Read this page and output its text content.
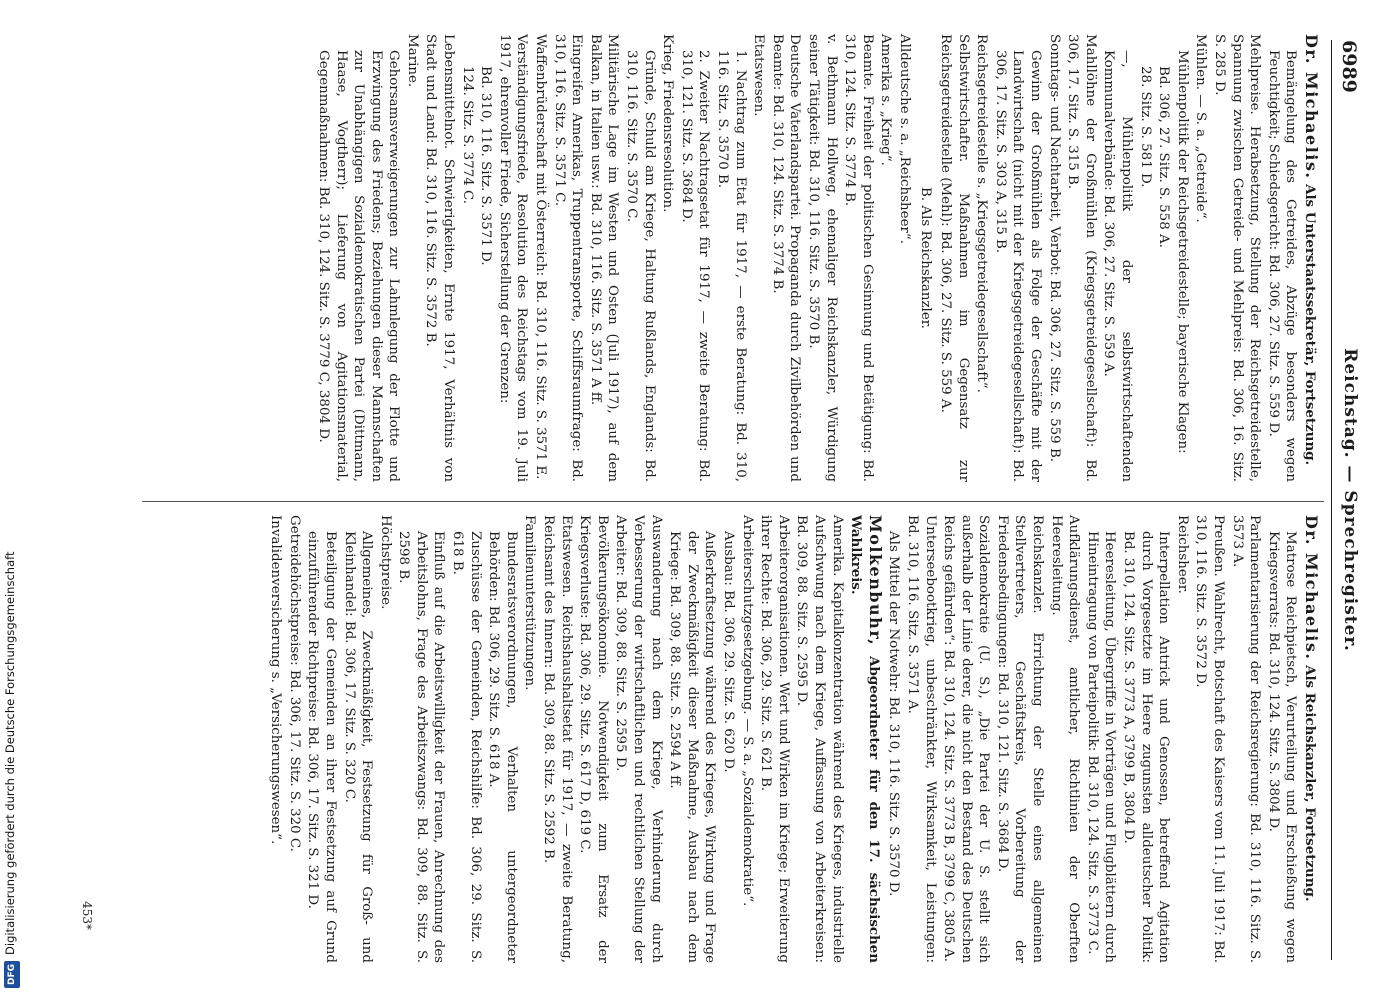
DFGDigitalisierung gefördert durch die Deutsche Forschungsgemeinschaft
6989
Reichstag. — Sprechregister.

Dr. Michaelis. Als Unterstaatssekretär, Fortsetzung.

Bemängelung des Getreides, Abzüge besonders wegen Feuchtigkeit; Schiedsgericht: Bd. 306, 27. Sitz. S. 559 D.

Mehlpreise. Herabsetzung, Stellung der Reichsgetreidestelle, Spannung zwischen Getreide- und Mehlpreis: Bd. 306, 16. Sitz. S. 285 D.

Mühlen. — S. a. „Getreide“.

Mühlenpolitik der Reichsgetreidestelle; bayerische Klagen:

Bd. 306, 27. Sitz. S. 558 A.

28. Sitz. S. 581 D.

—, Mühlenpolitik der selbstwirtschaftenden Kommunalverbände: Bd. 306, 27. Sitz. S. 559 A.

Mahllöhne der Großmühlen (Kriegsgetreidegesellschaft): Bd. 306, 17. Sitz. S. 315 B.

Sonntags- und Nachtarbeit, Verbot: Bd. 306, 27. Sitz. S. 559 B.

Gewinn der Großmühlen als Folge der Geschäfte mit der Landwirtschaft (nicht mit der Kriegsgetreidegesellschaft): Bd. 306, 17. Sitz. S. 303 A, 315 B.

Reichsgetreidestelle s. „Kriegsgetreidegesellschaft“.

Selbstwirtschafter. Maßnahmen im Gegensatz zur Reichsgetreidestelle (Mehl): Bd. 306, 27. Sitz. S. 559 A.

B. Als Reichskanzler.

Alldeutsche s. a. „Reichsheer“.

Amerika s. „Krieg“.

Beamte. Freiheit der politischen Gesinnung und Betätigung: Bd. 310, 124. Sitz. S. 3774 B.

v. Bethmann Hollweg, ehemaliger Reichskanzler, Würdigung seiner Tätigkeit: Bd. 310, 116. Sitz. S. 3570 B.

Deutsche Vaterlandspartei. Propaganda durch Zivilbehörden und Beamte: Bd. 310, 124. Sitz. S. 3774 B.

Etatswesen.

1. Nachtrag zum Etat für 1917, — erste Beratung: Bd. 310, 116. Sitz. S. 3570 B.

2. Zweiter Nachtragsetat für 1917, — zweite Beratung: Bd. 310, 121. Sitz. S. 3684 D.

Krieg, Friedensresolution.

Gründe, Schuld am Kriege, Haltung Rußlands, Englands: Bd. 310, 116. Sitz. S. 3570 C.

Militärische Lage im Westen und Osten (Juli 1917), auf dem Balkan, in Italien usw.: Bd. 310, 116. Sitz. S. 3571 A ff.

Eingreifen Amerikas, Truppentransporte, Schiffsraumfrage: Bd. 310, 116. Sitz. S. 3571 C.

Waffenbrüderschaft mit Österreich: Bd. 310, 116. Sitz. S. 3571 E.

Verständigungsfriede, Resolution des Reichstags vom 19. Juli 1917, ehrenvoller Friede, Sicherstellung der Grenzen:

Bd. 310, 116. Sitz. S. 3571 D.

124. Sitz. S. 3774 C.

Lebensmittelnot. Schwierigkeiten, Ernte 1917, Verhältnis von Stadt und Land: Bd. 310, 116. Sitz. S. 3572 B.

Marine.

Gehorsamsverweigerungen zur Lahmlegung der Flotte und Erzwingung des Friedens; Beziehungen dieser Mannschaften zur Unabhängigen Sozialdemokratischen Partei (Dittmann, Haase, Vogtherr); Lieferung von Agitationsmaterial, Gegenmaßnahmen: Bd. 310, 124. Sitz. S. 3779 C, 3804 D.

Dr. Michaelis. Als Reichskanzler, Fortsetzung.

Matrose Reichpietsch, Verurteilung und Erschießung wegen Kriegsverrats: Bd. 310, 124. Sitz. S. 3804 D.

Parlamentarisierung der Reichsregierung: Bd. 310, 116. Sitz. S. 3573 A.

Preußen. Wahlrecht, Botschaft des Kaisers vom 11. Juli 1917: Bd. 310, 116. Sitz. S. 3572 D.

Reichsheer.

Interpellation Antrick und Genossen, betreffend Agitation durch Vorgesetzte im Heere zugunsten alldeutscher Politik: Bd. 310, 124. Sitz. S. 3773 A, 3799 B, 3804 D.

Heeresleitung, Übergriffe in Vorträgen und Flugblättern durch Hineintragung von Parteipolitik: Bd. 310, 124. Sitz. S. 3773 C.

Aufklärungsdienst, amtlicher, Richtlinien der Oberften Heeresleitung.

Reichskanzler. Errichtung der Stelle eines allgemeinen Stellvertreters, Geschäftskreis, Vorbereitung der Friedensbedingungen: Bd. 310, 121. Sitz. S. 3684 D.

Sozialdemokratie (U. S.), „Die Partei der U. S. stellt sich außerhalb der Linie derer, die nicht den Bestand des Deutschen Reichs gefährden“: Bd. 310, 124. Sitz. S. 3773 B, 3799 C, 3805 A.

Unterseebootkrieg, unbeschränkter, Wirksamkeit, Leistungen: Bd. 310, 116. Sitz. S. 3571 A.

Als Mittel der Notwehr: Bd. 310, 116. Sitz. S. 3570 D.

Molkenbuhr, Abgeordneter für den 17. sächsischen Wahlkreis.

Amerika. Kapitalkonzentration während des Krieges, industrielle Aufschwung nach dem Kriege, Auffassung von Arbeiterkreisen: Bd. 309, 88. Sitz. S. 2595 D.

Arbeiterorganisationen. Wert und Wirken im Kriege; Erweiterung ihrer Rechte: Bd. 306, 29. Sitz. S. 621 B.

Arbeiterschutzgesetzgebung. — S. a. „Sozialdemokratie“.

Ausbau: Bd. 306, 29. Sitz. S. 620 D.

Außerkraftsetzung während des Krieges, Wirkung und Frage der Zweckmäßigkeit dieser Maßnahme, Ausbau nach dem Kriege: Bd. 309, 88. Sitz. S. 2594 A ff.

Auswanderung nach dem Kriege, Verhinderung durch Verbesserung der wirtschaftlichen und rechtlichen Stellung der Arbeiter: Bd. 309, 88. Sitz. S. 2595 D.

Bevölkerungsökonomie. Notwendigkeit zum Ersatz der Kriegsverluste: Bd. 306, 29. Sitz. S. 617 D, 619 C.

Etatswesen. Reichshaushaltsetat für 1917, — zweite Beratung, Reichsamt des Innern: Bd. 309, 88. Sitz. S. 2592 B.

Familienunterstützungen.

Bundesratsverordnungen, Verhalten untergeordneter Behörden: Bd. 306, 29. Sitz. S. 618 A.

Zuschüsse der Gemeinden, Reichshilfe: Bd. 306, 29. Sitz. S. 618 B.

Einfluß auf die Arbeitswilligkeit der Frauen, Anrechnung des Arbeitslohns, Frage des Arbeitszwangs: Bd. 309, 88. Sitz. S. 2598 B.

Höchstpreise.

Allgemeines, Zweckmäßigkeit, Festsetzung für Groß- und Kleinhandel: Bd. 306, 17. Sitz. S. 320 C.

Beteiligung der Gemeinden an ihrer Festsetzung auf Grund einzuführender Richtpreise: Bd. 306, 17. Sitz. S. 321 D.

Getreidehöchstpreise: Bd. 306, 17. Sitz. S. 320 C.

Invalidenversicherung s. „Versicherungswesen“.

453*
